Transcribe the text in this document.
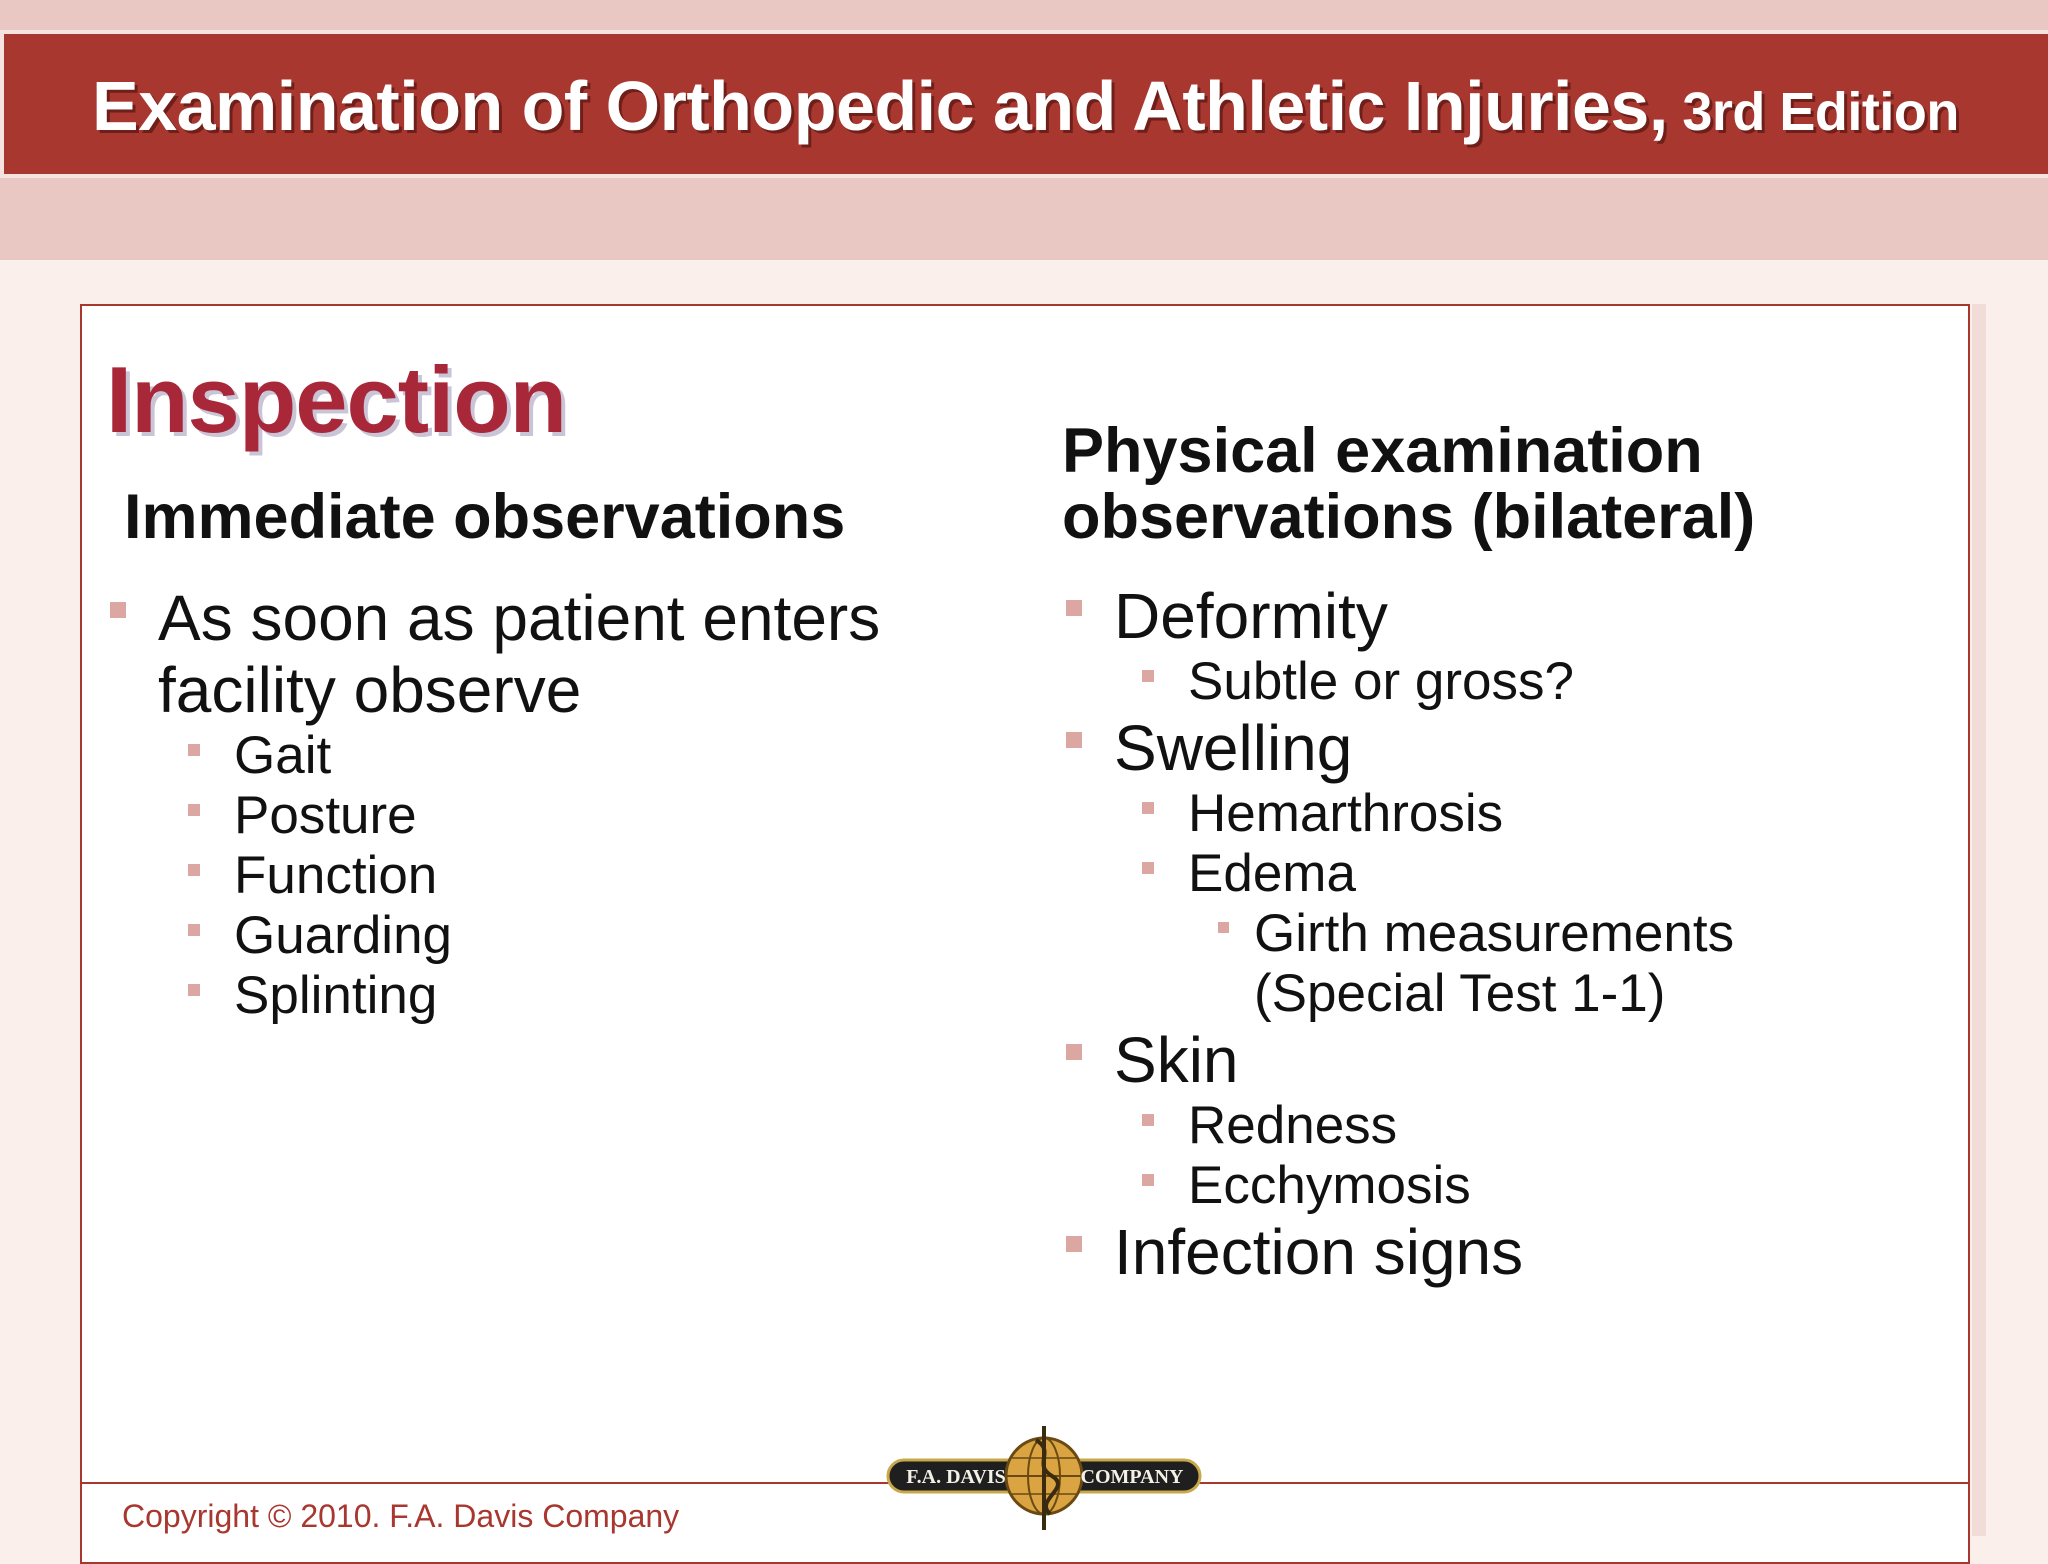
Examination of Orthopedic and Athletic Injuries, 3rd Edition
Inspection
Immediate observations
As soon as patient enters facility observe
Gait
Posture
Function
Guarding
Splinting
Physical examination
observations (bilateral)
Deformity
Subtle or gross?
Swelling
Hemarthrosis
Edema
Girth measurements (Special Test 1-1)
Skin
Redness
Ecchymosis
Infection signs
Copyright © 2010. F.A. Davis Company
F.A. DAVIS	COMPANY
